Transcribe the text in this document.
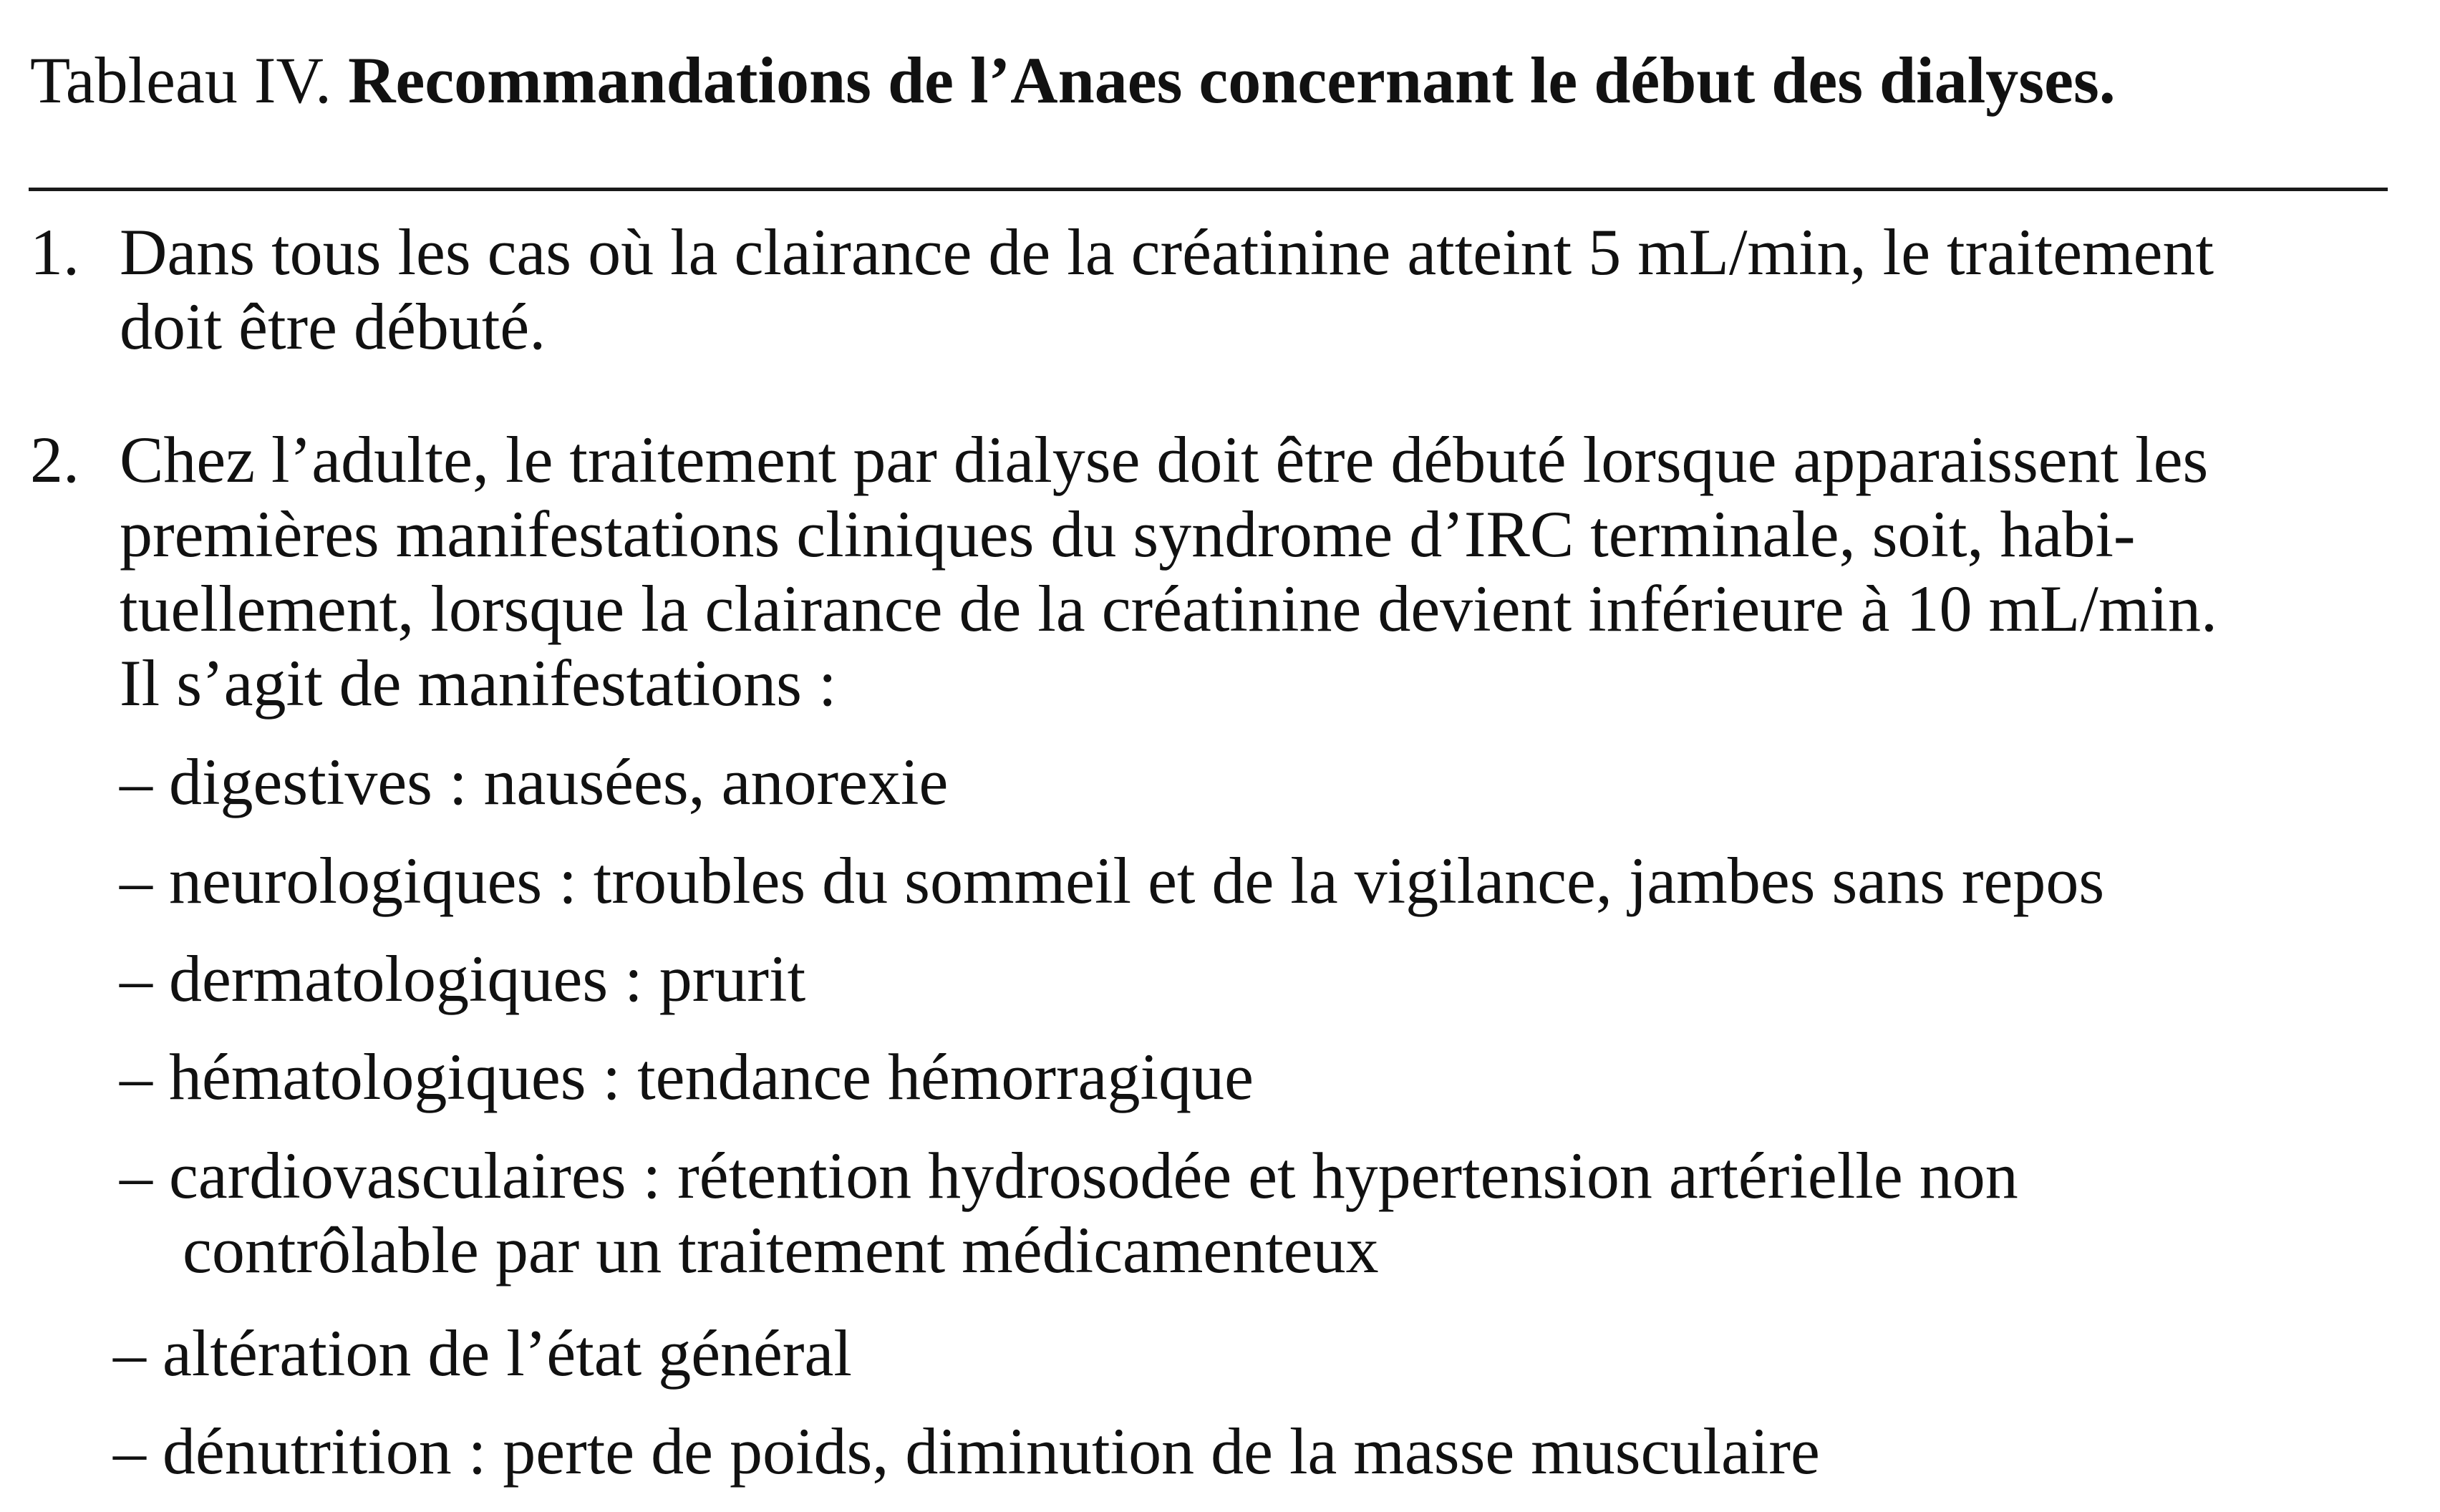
Tableau IV. Recommandations de l’Anaes concernant le début des dialyses.
1. Dans tous les cas où la clairance de la créatinine atteint 5 mL/min, le traitement
doit être débuté.
2. Chez l’adulte, le traitement par dialyse doit être débuté lorsque apparaissent les
premières manifestations cliniques du syndrome d’IRC terminale, soit, habi-
tuellement, lorsque la clairance de la créatinine devient inférieure à 10 mL/min.
Il s’agit de manifestations :
– digestives : nausées, anorexie
– neurologiques : troubles du sommeil et de la vigilance, jambes sans repos
– dermatologiques : prurit
– hématologiques : tendance hémorragique
– cardiovasculaires : rétention hydrosodée et hypertension artérielle non
contrôlable par un traitement médicamenteux
– altération de l’état général
– dénutrition : perte de poids, diminution de la masse musculaire
